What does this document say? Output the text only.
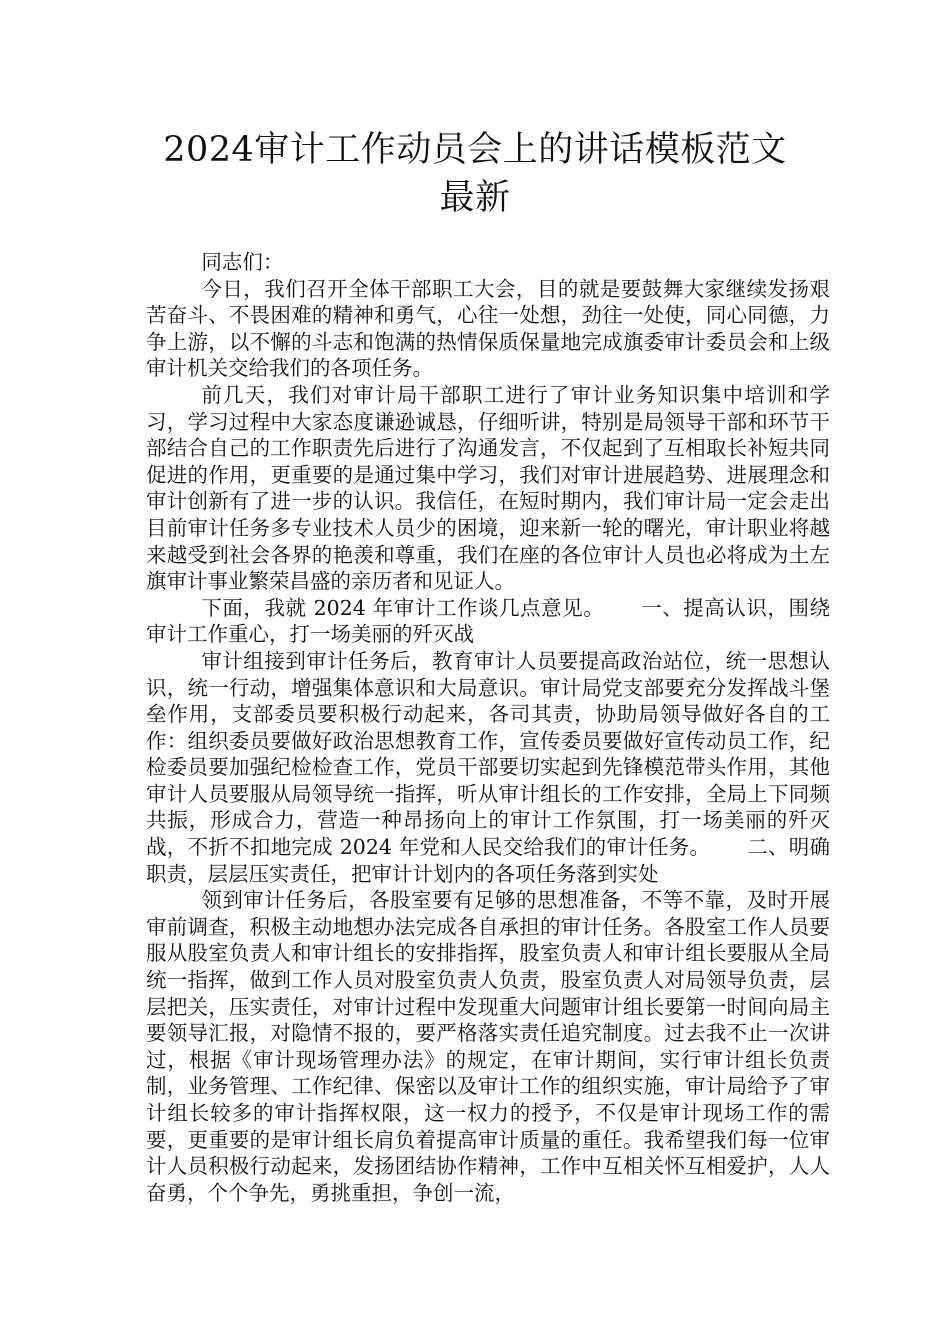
2024审计工作动员会上的讲话模板范文最新

同志们：

今日，我们召开全体干部职工大会，目的就是要鼓舞大家继续发扬艰苦奋斗、不畏困难的精神和勇气，心往一处想，劲往一处使，同心同德，力争上游，以不懈的斗志和饱满的热情保质保量地完成旗委审计委员会和上级审计机关交给我们的各项任务。

前几天，我们对审计局干部职工进行了审计业务知识集中培训和学习，学习过程中大家态度谦逊诚恳，仔细听讲，特别是局领导干部和环节干部结合自己的工作职责先后进行了沟通发言，不仅起到了互相取长补短共同促进的作用，更重要的是通过集中学习，我们对审计进展趋势、进展理念和审计创新有了进一步的认识。我信任，在短时期内，我们审计局一定会走出目前审计任务多专业技术人员少的困境，迎来新一轮的曙光，审计职业将越来越受到社会各界的艳羡和尊重，我们在座的各位审计人员也必将成为土左旗审计事业繁荣昌盛的亲历者和见证人。

下面，我就 2024 年审计工作谈几点意见。 一、提高认识，围绕审计工作重心，打一场美丽的歼灭战

审计组接到审计任务后，教育审计人员要提高政治站位，统一思想认识，统一行动，增强集体意识和大局意识。审计局党支部要充分发挥战斗堡垒作用，支部委员要积极行动起来，各司其责，协助局领导做好各自的工作：组织委员要做好政治思想教育工作，宣传委员要做好宣传动员工作，纪检委员要加强纪检检查工作，党员干部要切实起到先锋模范带头作用，其他审计人员要服从局领导统一指挥，听从审计组长的工作安排，全局上下同频共振，形成合力，营造一种昂扬向上的审计工作氛围，打一场美丽的歼灭战，不折不扣地完成 2024 年党和人民交给我们的审计任务。 二、明确职责，层层压实责任，把审计计划内的各项任务落到实处

领到审计任务后，各股室要有足够的思想准备，不等不靠，及时开展审前调查，积极主动地想办法完成各自承担的审计任务。各股室工作人员要服从股室负责人和审计组长的安排指挥，股室负责人和审计组长要服从全局统一指挥，做到工作人员对股室负责人负责，股室负责人对局领导负责，层层把关，压实责任，对审计过程中发现重大问题审计组长要第一时间向局主要领导汇报，对隐情不报的，要严格落实责任追究制度。过去我不止一次讲过，根据《审计现场管理办法》的规定，在审计期间，实行审计组长负责制，业务管理、工作纪律、保密以及审计工作的组织实施，审计局给予了审计组长较多的审计指挥权限，这一权力的授予，不仅是审计现场工作的需要，更重要的是审计组长肩负着提高审计质量的重任。我希望我们每一位审计人员积极行动起来，发扬团结协作精神，工作中互相关怀互相爱护，人人奋勇，个个争先，勇挑重担，争创一流，
